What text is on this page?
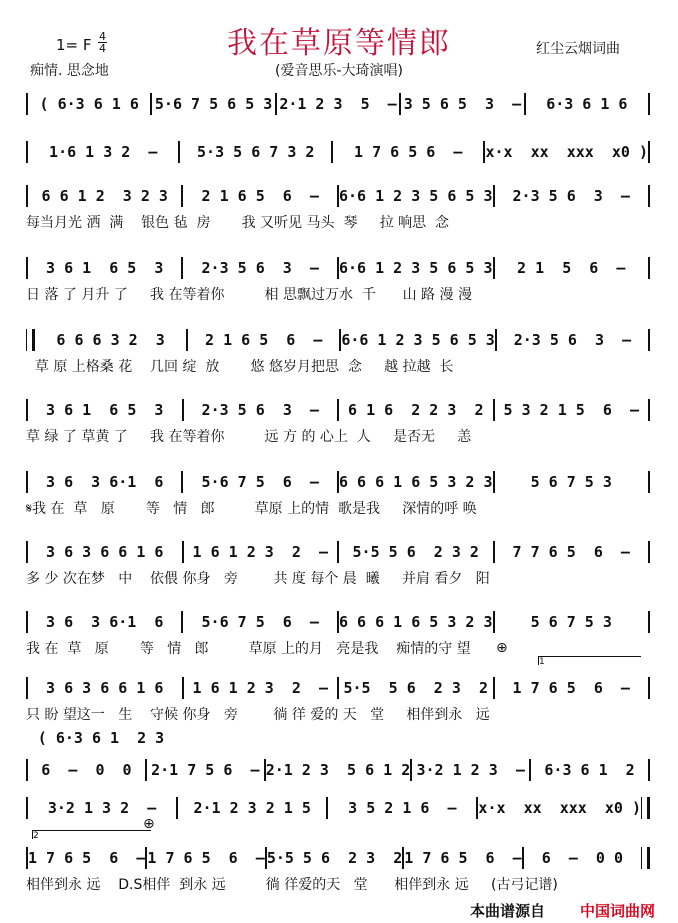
我在草原等情郎
1= F 4
4
痴情. 思念地
红尘云烟词曲
(爱音思乐-大琦演唱)
( 6·3 6 1 6	5·6 7 5 6 5 3 2·1 2 3  5  – 3 5 6 5  3  –	6·3 6 1 6
1·6 1 3 2  –	5·3 5 6 7 3 2	1 7 6 5 6  –	x·x  xx  xxx  x0 )
6 6 1 2  3 2 3	2 1 6 5  6  –	6·6 1 2 3 5 6 5 3	2·3 5 6  3  –
每当月光 洒  满    银色 毡  房       我 又听见 马头  琴     拉 响思  念
3 6 1  6 5  3	2·3 5 6  3  –	6·6 1 2 3 5 6 5 3	2 1  5  6  –
日 落 了 月升 了     我 在等着你         相 思飘过万水  千      山 路 漫 漫
6 6 6 3 2  3	2 1 6 5  6  –	6·6 1 2 3 5 6 5 3	2·3 5 6  3  –
草 原 上格桑 花    几回 绽  放       悠 悠岁月把思  念     越 拉越  长
3 6 1  6 5  3	2·3 5 6  3  –	6 1 6  2 2 3  2	5 3 2 1 5  6  –
草 绿 了 草黄 了     我 在等着你         远 方 的 心上  人     是否无     恙
3 6  3 6·1  6	5·6 7 5  6  –	6 6 6 1 6 5 3 2 3	5 6 7 5 3
𝄋我 在  草   原       等   情   郎         草原 上的情  歌是我     深情的呼 唤
3 6 3 6 6 1 6	1 6 1 2 3  2  –	5·5 5 6  2 3 2	7 7 6 5  6  –
多 少 次在梦   中    依偎 你身   旁        共 度 每个 晨  曦     并肩 看夕   阳
3 6  3 6·1  6	5·6 7 5  6  –	6 6 6 1 6 5 3 2 3	5 6 7 5 3
我 在  草   原       等   情   郎         草原 上的月   亮是我    痴情的守 望
3 6 3 6 6 1 6	1 6 1 2 3  2  –	5·5  5 6  2 3  2	1 7 6 5  6  –
只 盼 望这一   生    守候 你身   旁        徜 徉 爱的 天   堂     相伴到永   远
( 6·3 6 1  2 3
6  –  0  0	2·1 7 5 6  – 2·1 2 3  5 6 1 2 3·2 1 2 3  –	6·3 6 1  2
3·2 1 3 2  –	2·1 2 3 2 1 5	3 5 2 1 6  –	x·x  xx  xxx  x0 )
1 7 6 5  6  – 1 7 6 5  6  – 5·5 5 6  2 3  2 1 7 6 5  6  –	6  –  0 0
相伴到永 远    D.S相伴  到永 远         徜 徉爱的天   堂      相伴到永 远     (古弓记谱)
1
2
⊕
⊕
本曲谱源自 中国词曲网
